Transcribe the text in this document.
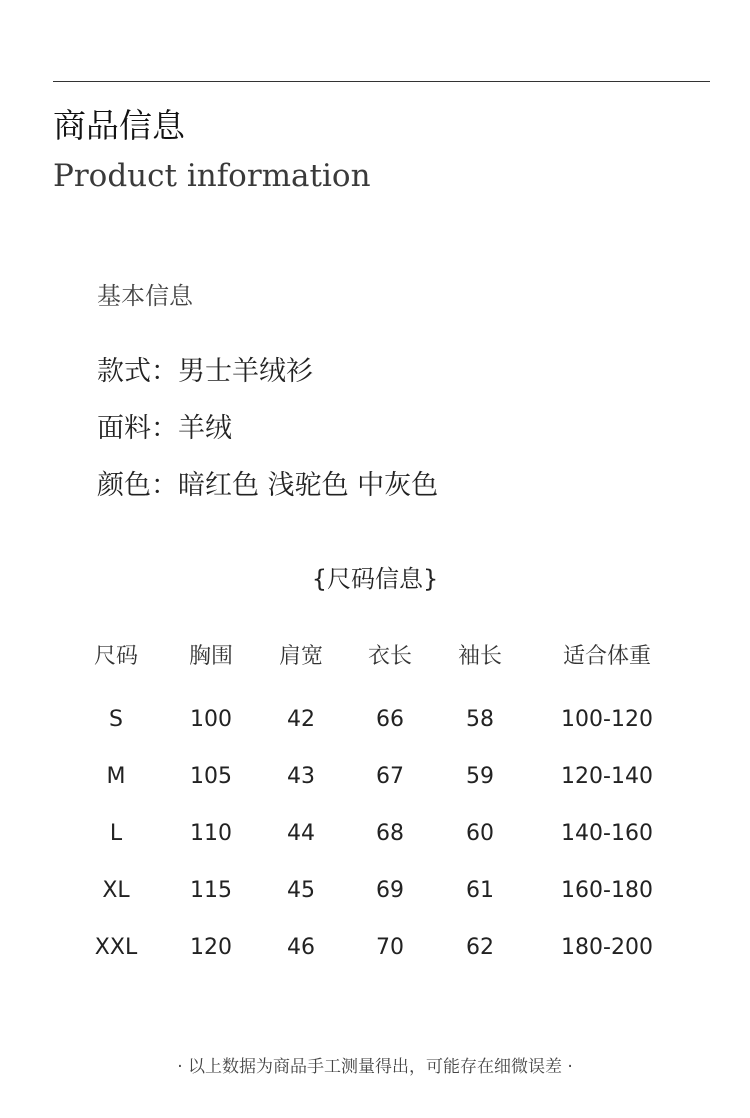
商品信息
Product information
基本信息
款式：男士羊绒衫
面料：羊绒
颜色：暗红色 浅驼色 中灰色
{尺码信息}
尺码 胸围 肩宽 衣长 袖长	适合体重
S	100	42	66	58	100-120
M	105	43	67	59	120-140
L	110	44	68	60	140-160
XL	115	45	69	61	160-180
XXL 120	46	70	62	180-200
· 以上数据为商品手工测量得出，可能存在细微误差 ·
